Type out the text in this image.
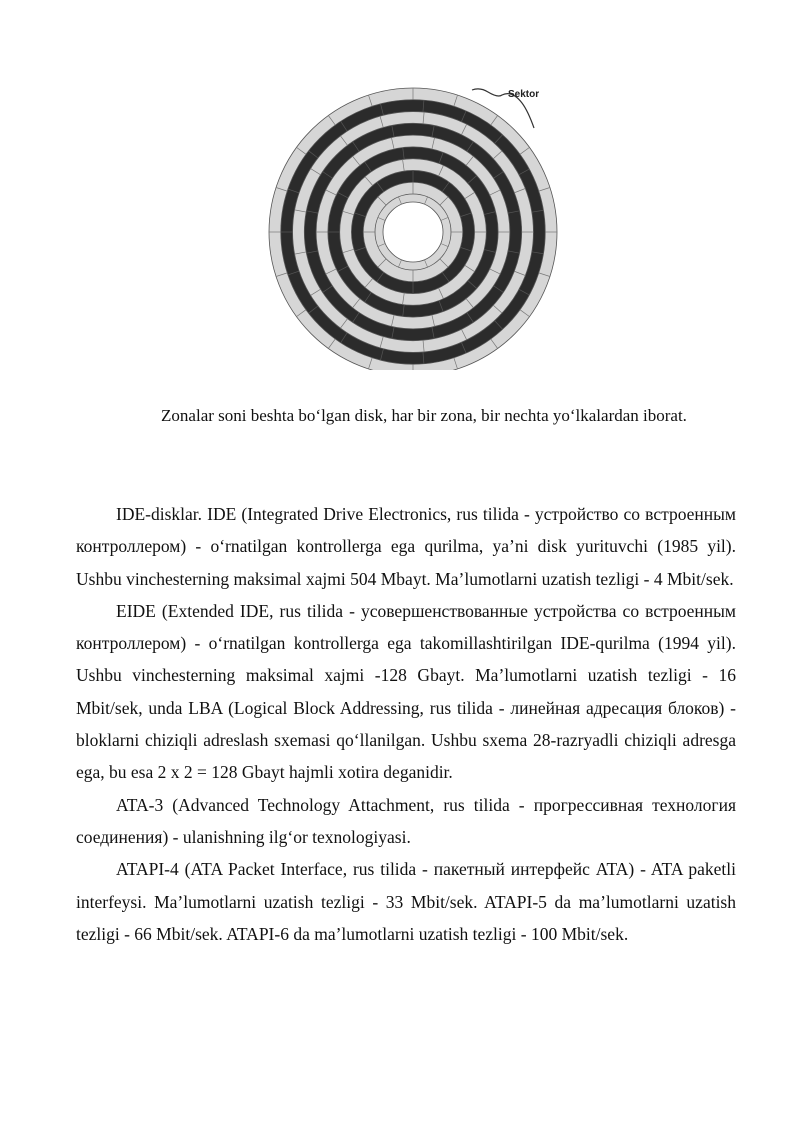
Sektor
Zonalar soni beshta bo‘lgan disk, har bir zona, bir nechta yo‘lkalardan iborat.

IDE-disklar. IDE (Integrated Drive Electronics, rus tilida - устройство со встроенным контроллером) - o‘rnatilgan kontrollerga ega qurilma, ya’ni disk yurituvchi (1985 yil). Ushbu vinchesterning maksimal xajmi 504 Mbayt. Ma’lumotlarni uzatish tezligi - 4 Mbit/sek.

EIDE (Extended IDE, rus tilida - усовершенствованные устройства со встроенным контроллером) - o‘rnatilgan kontrollerga ega takomillashtirilgan IDE-qurilma (1994 yil). Ushbu vinchesterning maksimal xajmi -128 Gbayt. Ma’lumotlarni uzatish tezligi - 16 Mbit/sek, unda LBA (Logical Block Addressing, rus tilida - линейная адресация блоков) - bloklarni chiziqli adreslash sxemasi qo‘llanilgan. Ushbu sxema 28-razryadli chiziqli adresga ega, bu esa 2 x 2 = 128 Gbayt hajmli xotira deganidir.

ATA-3 (Advanced Technology Attachment, rus tilida - прогрессивная технология соединения) - ulanishning ilg‘or texnologiyasi.

ATAPI-4 (ATA Packet Interface, rus tilida - пакетный интерфейс ATA) - ATA paketli interfeysi. Ma’lumotlarni uzatish tezligi - 33 Mbit/sek. ATAPI-5 da ma’lumotlarni uzatish tezligi - 66 Mbit/sek. ATAPI-6 da ma’lumotlarni uzatish tezligi - 100 Mbit/sek.
